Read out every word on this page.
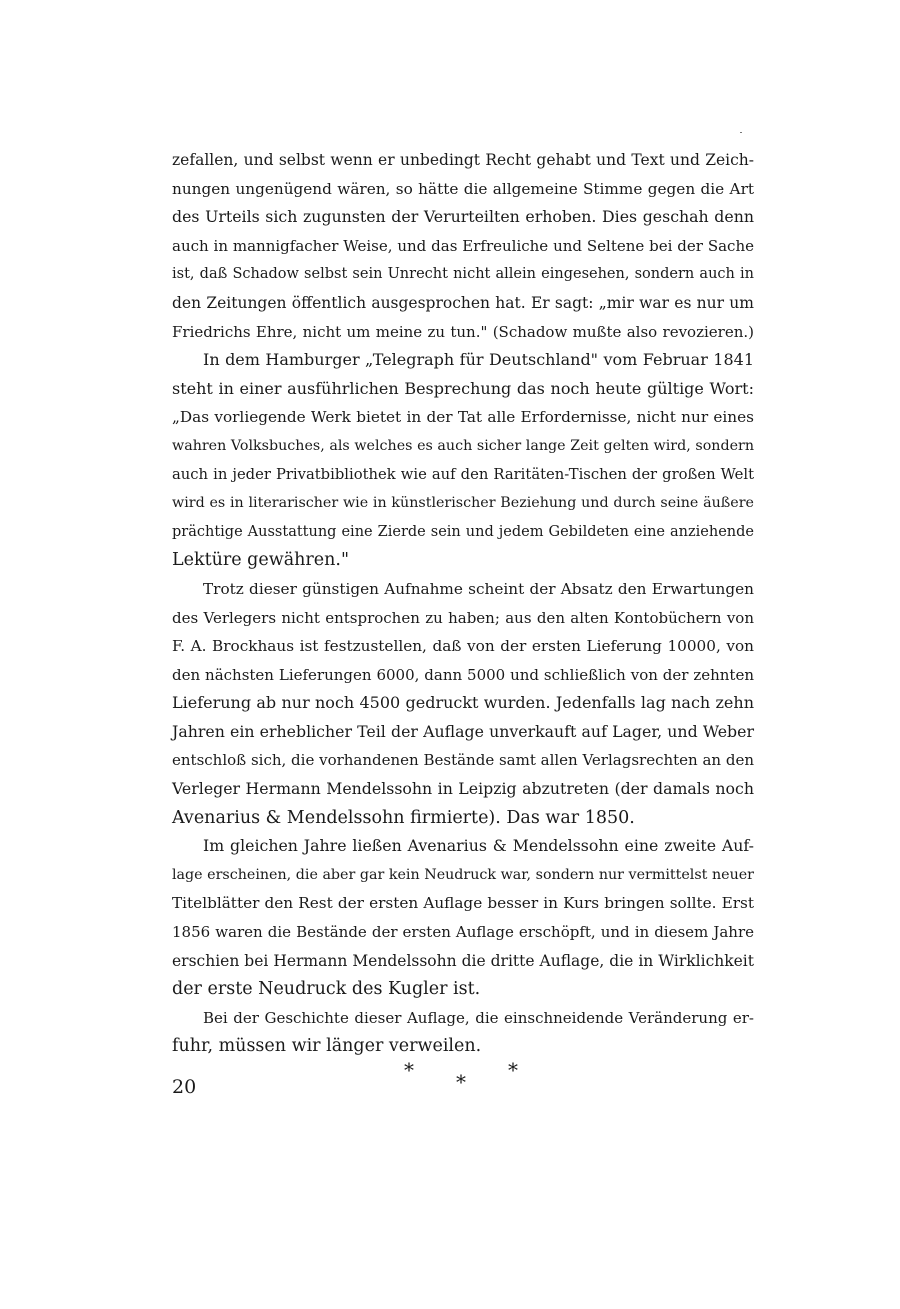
zefallen, und selbst wenn er unbedingt Recht gehabt und Text und Zeich-
nungen ungenügend wären, so hätte die allgemeine Stimme gegen die Art
des Urteils sich zugunsten der Verurteilten erhoben. Dies geschah denn
auch in mannigfacher Weise, und das Erfreuliche und Seltene bei der Sache
ist, daß Schadow selbst sein Unrecht nicht allein eingesehen, sondern auch in
den Zeitungen öffentlich ausgesprochen hat. Er sagt: „mir war es nur um
Friedrichs Ehre, nicht um meine zu tun." (Schadow mußte also revozieren.)
In dem Hamburger „Telegraph für Deutschland" vom Februar 1841
steht in einer ausführlichen Besprechung das noch heute gültige Wort:
„Das vorliegende Werk bietet in der Tat alle Erfordernisse, nicht nur eines
wahren Volksbuches, als welches es auch sicher lange Zeit gelten wird, sondern
auch in jeder Privatbibliothek wie auf den Raritäten-Tischen der großen Welt
wird es in literarischer wie in künstlerischer Beziehung und durch seine äußere
prächtige Ausstattung eine Zierde sein und jedem Gebildeten eine anziehende
Lektüre gewähren."
Trotz dieser günstigen Aufnahme scheint der Absatz den Erwartungen
des Verlegers nicht entsprochen zu haben; aus den alten Kontobüchern von
F. A. Brockhaus ist festzustellen, daß von der ersten Lieferung 10000, von
den nächsten Lieferungen 6000, dann 5000 und schließlich von der zehnten
Lieferung ab nur noch 4500 gedruckt wurden. Jedenfalls lag nach zehn
Jahren ein erheblicher Teil der Auflage unverkauft auf Lager, und Weber
entschloß sich, die vorhandenen Bestände samt allen Verlagsrechten an den
Verleger Hermann Mendelssohn in Leipzig abzutreten (der damals noch
Avenarius & Mendelssohn firmierte). Das war 1850.
Im gleichen Jahre ließen Avenarius & Mendelssohn eine zweite Auf-
lage erscheinen, die aber gar kein Neudruck war, sondern nur vermittelst neuer
Titelblätter den Rest der ersten Auflage besser in Kurs bringen sollte. Erst
1856 waren die Bestände der ersten Auflage erschöpft, und in diesem Jahre
erschien bei Hermann Mendelssohn die dritte Auflage, die in Wirklichkeit
der erste Neudruck des Kugler ist.
Bei der Geschichte dieser Auflage, die einschneidende Veränderung er-
fuhr, müssen wir länger verweilen.
* * *
20
